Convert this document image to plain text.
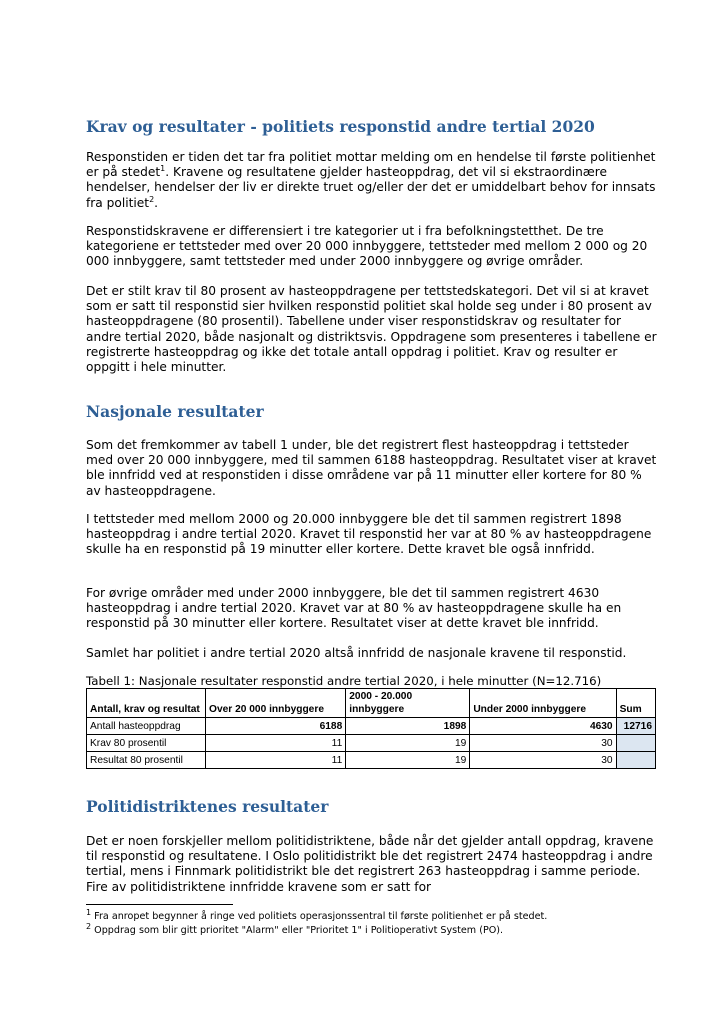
Krav og resultater - politiets responstid andre tertial 2020

Responstiden er tiden det tar fra politiet mottar melding om en hendelse til første politienhet er på stedet$^1$. Kravene og resultatene gjelder hasteoppdrag, det vil si ekstraordinære hendelser, hendelser der liv er direkte truet og/eller der det er umiddelbart behov for innsats fra politiet$^2$.

Responstidskravene er differensiert i tre kategorier ut i fra befolkningstetthet. De tre kategoriene er tettsteder med over 20 000 innbyggere, tettsteder med mellom 2 000 og 20 000 innbyggere, samt tettsteder med under 2000 innbyggere og øvrige områder.

Det er stilt krav til 80 prosent av hasteoppdragene per tettstedskategori. Det vil si at kravet som er satt til responstid sier hvilken responstid politiet skal holde seg under i 80 prosent av hasteoppdragene (80 prosentil). Tabellene under viser responstidskrav og resultater for andre tertial 2020, både nasjonalt og distriktsvis. Oppdragene som presenteres i tabellene er registrerte hasteoppdrag og ikke det totale antall oppdrag i politiet. Krav og resulter er oppgitt i hele minutter.

Nasjonale resultater

Som det fremkommer av tabell 1 under, ble det registrert flest hasteoppdrag i tettsteder med over 20 000 innbyggere, med til sammen 6188 hasteoppdrag. Resultatet viser at kravet ble innfridd ved at responstiden i disse områdene var på 11 minutter eller kortere for 80 % av hasteoppdragene.

I tettsteder med mellom 2000 og 20.000 innbyggere ble det til sammen registrert 1898 hasteoppdrag i andre tertial 2020. Kravet til responstid her var at 80 % av hasteoppdragene skulle ha en responstid på 19 minutter eller kortere. Dette kravet ble også innfridd.

For øvrige områder med under 2000 innbyggere, ble det til sammen registrert 4630 hasteoppdrag i andre tertial 2020. Kravet var at 80 % av hasteoppdragene skulle ha en responstid på 30 minutter eller kortere. Resultatet viser at dette kravet ble innfridd.

Samlet har politiet i andre tertial 2020 altså innfridd de nasjonale kravene til responstid.

Tabell 1: Nasjonale resultater responstid andre tertial 2020, i hele minutter (N=12.716)
Antall, krav og resultat	Over 20 000 innbyggere	2000 - 20.000 innbyggere	Under 2000 innbyggere	Sum
Antall hasteoppdrag	6188	1898	4630	12716
Krav 80 prosentil	11	19	30	
Resultat 80 prosentil	11	19	30	
Politidistriktenes resultater

Det er noen forskjeller mellom politidistriktene, både når det gjelder antall oppdrag, kravene til responstid og resultatene. I Oslo politidistrikt ble det registrert 2474 hasteoppdrag i andre tertial, mens i Finnmark politidistrikt ble det registrert 263 hasteoppdrag i samme periode. Fire av politidistriktene innfridde kravene som er satt for

$^1$ Fra anropet begynner å ringe ved politiets operasjonssentral til første politienhet er på stedet.
$^2$ Oppdrag som blir gitt prioritet "Alarm" eller "Prioritet 1" i Politioperativt System (PO).
